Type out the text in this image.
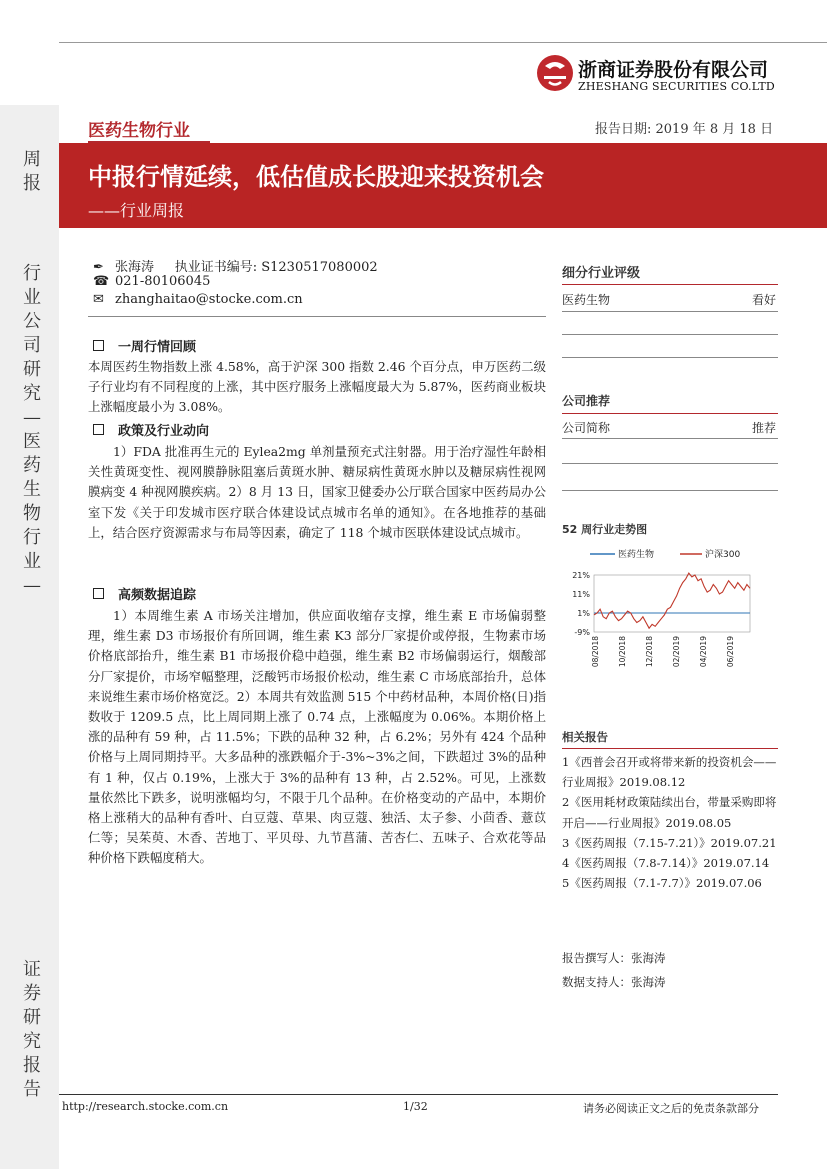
周报
行业公司研究—医药生物行业—
证券研究报告
浙商证券股份有限公司
ZHESHANG SECURITIES CO.LTD
医药生物行业	报告日期: 2019 年 8 月 18 日
中报行情延续，低估值成长股迎来投资机会
——行业周报
✒ 张海涛 执业证书编号: S1230517080002
☎ 021-80106045
✉ zhanghaitao@stocke.com.cn
一周行情回顾
本周医药生物指数上涨 4.58%，高于沪深 300 指数 2.46 个百分点，申万医药二级子行业均有不同程度的上涨，其中医疗服务上涨幅度最大为 5.87%，医药商业板块上涨幅度最小为 3.08%。
政策及行业动向
1）FDA 批准再生元的 Eylea2mg 单剂量预充式注射器。用于治疗湿性年龄相关性黄斑变性、视网膜静脉阻塞后黄斑水肿、糖尿病性黄斑水肿以及糖尿病性视网膜病变 4 种视网膜疾病。2）8 月 13 日，国家卫健委办公厅联合国家中医药局办公室下发《关于印发城市医疗联合体建设试点城市名单的通知》。在各地推荐的基础上，结合医疗资源需求与布局等因素，确定了 118 个城市医联体建设试点城市。
高频数据追踪
1）本周维生素 A 市场关注增加，供应面收缩存支撑，维生素 E 市场偏弱整理，维生素 D3 市场报价有所回调，维生素 K3 部分厂家提价或停报，生物素市场价格底部抬升，维生素 B1 市场报价稳中趋强，维生素 B2 市场偏弱运行，烟酸部分厂家提价，市场窄幅整理，泛酸钙市场报价松动，维生素 C 市场底部抬升，总体来说维生素市场价格宽泛。2）本周共有效监测 515 个中药材品种，本周价格(日)指数收于 1209.5 点，比上周同期上涨了 0.74 点，上涨幅度为 0.06%。本期价格上涨的品种有 59 种，占 11.5%；下跌的品种 32 种，占 6.2%；另外有 424 个品种价格与上周同期持平。大多品种的涨跌幅介于-3%~3%之间，下跌超过 3%的品种有 1 种，仅占 0.19%，上涨大于 3%的品种有 13 种，占 2.52%。可见，上涨数量依然比下跌多，说明涨幅均匀，不限于几个品种。在价格变动的产品中，本期价格上涨稍大的品种有香叶、白豆蔻、草果、肉豆蔻、独活、太子参、小茴香、薏苡仁等；吴茱萸、木香、苦地丁、平贝母、九节菖蒲、苦杏仁、五味子、合欢花等品种价格下跌幅度稍大。
细分行业评级
医药生物	看好
公司推荐
公司简称	推荐
52 周行业走势图
医药生物	沪深300
21%
11%
1%
-9%
08/2018 10/2018 12/2018 02/2019 04/2019 06/2019
相关报告
1《西普会召开或将带来新的投资机会——行业周报》2019.08.12
2《医用耗材政策陆续出台，带量采购即将开启——行业周报》2019.08.05
3《医药周报（7.15-7.21）》2019.07.21
4《医药周报（7.8-7.14）》2019.07.14
5《医药周报（7.1-7.7）》2019.07.06
报告撰写人：张海涛
数据支持人：张海涛
http://research.stocke.com.cn	1/32	请务必阅读正文之后的免责条款部分
